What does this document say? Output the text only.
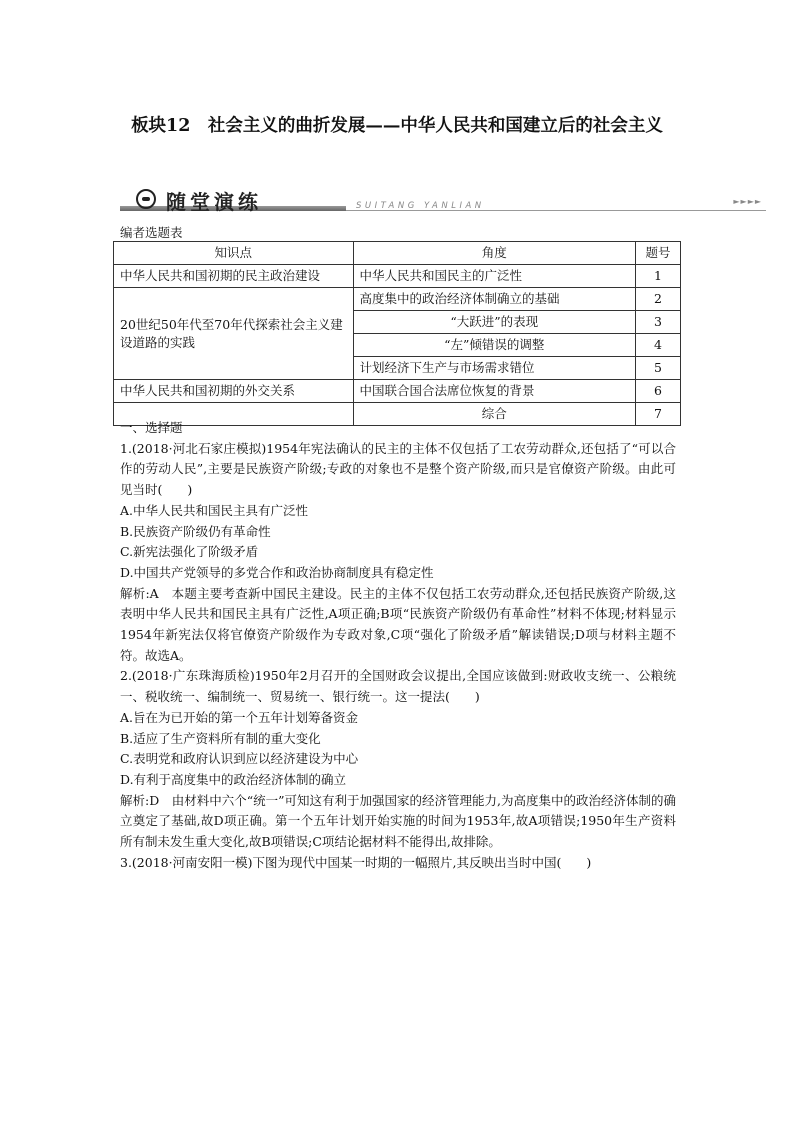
板块12　社会主义的曲折发展——中华人民共和国建立后的社会主义
随堂演练	SUITANG YANLIAN	►►►►
编者选题表
知识点	角度	题号
中华人民共和国初期的民主政治建设	中华人民共和国民主的广泛性	1
20世纪50年代至70年代探索社会主义建设道路的实践	高度集中的政治经济体制确立的基础	2
	“大跃进”的表现	3
	“左”倾错误的调整	4
	计划经济下生产与市场需求错位	5
中华人民共和国初期的外交关系	中国联合国合法席位恢复的背景	6
	综合	7

一、选择题

1.(2018·河北石家庄模拟)1954年宪法确认的民主的主体不仅包括了工农劳动群众,还包括了“可以合作的劳动人民”,主要是民族资产阶级;专政的对象也不是整个资产阶级,而只是官僚资产阶级。由此可见当时(　　)

A.中华人民共和国民主具有广泛性

B.民族资产阶级仍有革命性

C.新宪法强化了阶级矛盾

D.中国共产党领导的多党合作和政治协商制度具有稳定性

解析:A　本题主要考查新中国民主建设。民主的主体不仅包括工农劳动群众,还包括民族资产阶级,这表明中华人民共和国民主具有广泛性,A项正确;B项“民族资产阶级仍有革命性”材料不体现;材料显示1954年新宪法仅将官僚资产阶级作为专政对象,C项“强化了阶级矛盾”解读错误;D项与材料主题不符。故选A。

2.(2018·广东珠海质检)1950年2月召开的全国财政会议提出,全国应该做到:财政收支统一、公粮统一、税收统一、编制统一、贸易统一、银行统一。这一提法(　　)

A.旨在为已开始的第一个五年计划筹备资金

B.适应了生产资料所有制的重大变化

C.表明党和政府认识到应以经济建设为中心

D.有利于高度集中的政治经济体制的确立

解析:D　由材料中六个“统一”可知这有利于加强国家的经济管理能力,为高度集中的政治经济体制的确立奠定了基础,故D项正确。第一个五年计划开始实施的时间为1953年,故A项错误;1950年生产资料所有制未发生重大变化,故B项错误;C项结论据材料不能得出,故排除。

3.(2018·河南安阳一模)下图为现代中国某一时期的一幅照片,其反映出当时中国(　　)
